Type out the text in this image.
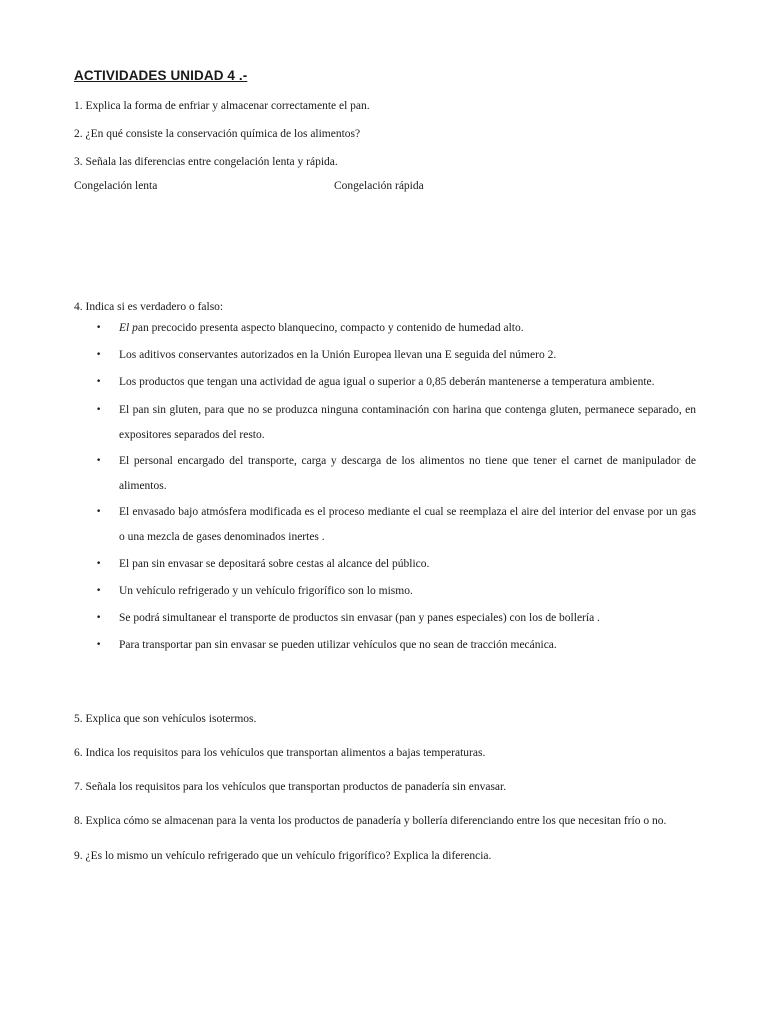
ACTIVIDADES UNIDAD 4 .-
1. Explica la forma de enfriar y almacenar correctamente el pan.
2. ¿En qué consiste la conservación química de los alimentos?
3. Señala las diferencias entre congelación lenta y rápida.
Congelación lenta	Congelación rápida
4. Indica si es verdadero o falso:
• El pan precocido presenta aspecto blanquecino, compacto y contenido de humedad alto.
• Los aditivos conservantes autorizados en la Unión Europea llevan una E seguida del número 2.
• Los productos que tengan una actividad de agua igual o superior a 0,85 deberán mantenerse a temperatura ambiente.
• El pan sin gluten, para que no se produzca ninguna contaminación con harina que contenga gluten, permanece separado, en expositores separados del resto.
• El personal encargado del transporte, carga y descarga de los alimentos no tiene que tener el carnet de manipulador de alimentos.
• El envasado bajo atmósfera modificada es el proceso mediante el cual se reemplaza el aire del interior del envase por un gas o una mezcla de gases denominados inertes .
• El pan sin envasar se depositará sobre cestas al alcance del público.
• Un vehículo refrigerado y un vehículo frigorífico son lo mismo.
• Se podrá simultanear el transporte de productos sin envasar (pan y panes especiales) con los de bollería .
• Para transportar pan sin envasar se pueden utilizar vehículos que no sean de tracción mecánica.
5. Explica que son vehículos isotermos.
6. Indica los requisitos para los vehículos que transportan alimentos a bajas temperaturas.
7. Señala los requisitos para los vehículos que transportan productos de panadería sin envasar.
8. Explica cómo se almacenan para la venta los productos de panadería y bollería diferenciando entre los que necesitan frío o no.
9. ¿Es lo mismo un vehículo refrigerado que un vehículo frigorífico? Explica la diferencia.
